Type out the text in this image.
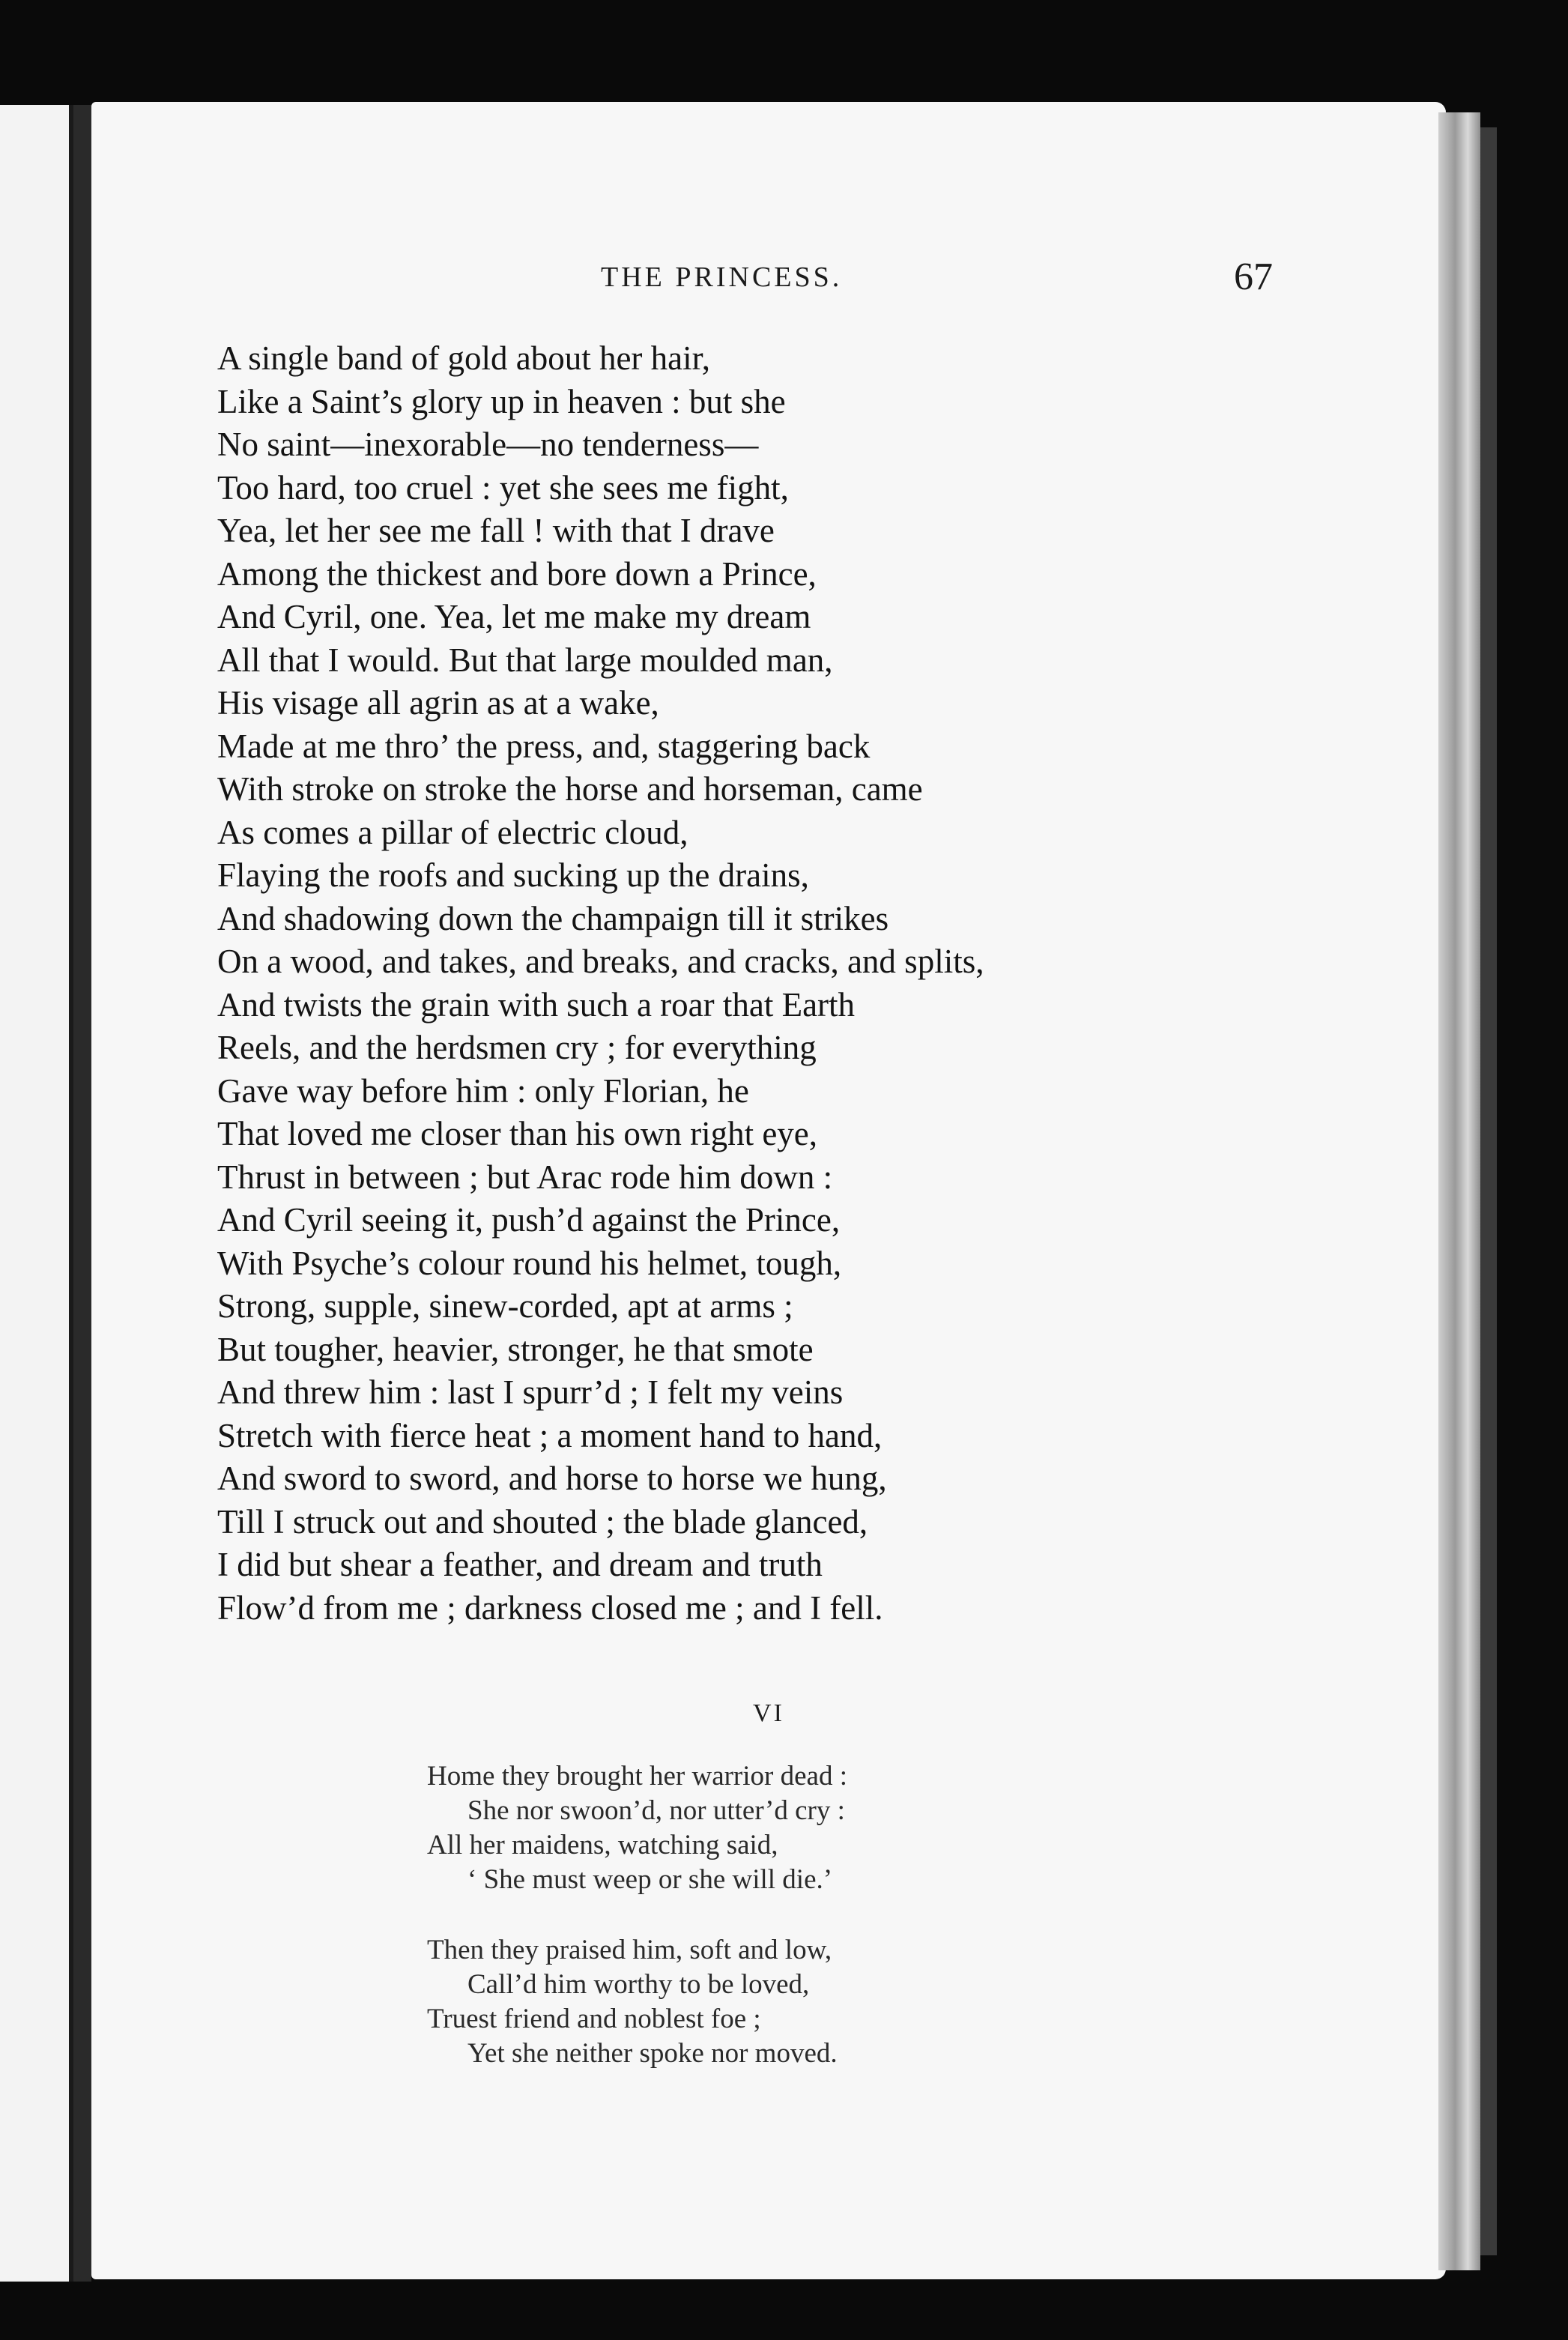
THE PRINCESS.	67
A single band of gold about her hair,
Like a Saint’s glory up in heaven : but she
No saint—inexorable—no tenderness—
Too hard, too cruel : yet she sees me fight,
Yea, let her see me fall ! with that I drave
Among the thickest and bore down a Prince,
And Cyril, one. Yea, let me make my dream
All that I would. But that large moulded man,
His visage all agrin as at a wake,
Made at me thro’ the press, and, staggering back
With stroke on stroke the horse and horseman, came
As comes a pillar of electric cloud,
Flaying the roofs and sucking up the drains,
And shadowing down the champaign till it strikes
On a wood, and takes, and breaks, and cracks, and splits,
And twists the grain with such a roar that Earth
Reels, and the herdsmen cry ; for everything
Gave way before him : only Florian, he
That loved me closer than his own right eye,
Thrust in between ; but Arac rode him down :
And Cyril seeing it, push’d against the Prince,
With Psyche’s colour round his helmet, tough,
Strong, supple, sinew-corded, apt at arms ;
But tougher, heavier, stronger, he that smote
And threw him : last I spurr’d ; I felt my veins
Stretch with fierce heat ; a moment hand to hand,
And sword to sword, and horse to horse we hung,
Till I struck out and shouted ; the blade glanced,
I did but shear a feather, and dream and truth
Flow’d from me ; darkness closed me ; and I fell.
VI
Home they brought her warrior dead :
She nor swoon’d, nor utter’d cry :
All her maidens, watching said,
‘ She must weep or she will die.’
Then they praised him, soft and low,
Call’d him worthy to be loved,
Truest friend and noblest foe ;
Yet she neither spoke nor moved.
